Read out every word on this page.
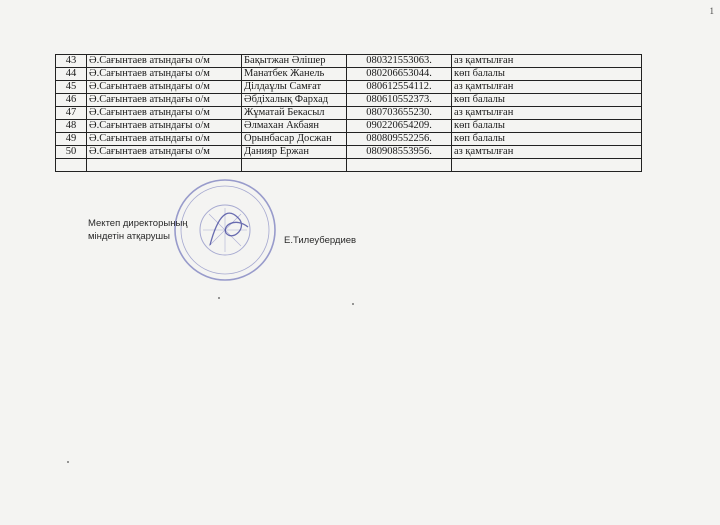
1
43	Ә.Сағынтаев атындағы о/м	Бақытжан Әлішер	080321553063.	аз қамтылған
44	Ә.Сағынтаев атындағы о/м	Манатбек Жанель	080206653044.	көп балалы
45	Ә.Сағынтаев атындағы о/м	Ділдаұлы Самғат	080612554112.	аз қамтылған
46	Ә.Сағынтаев атындағы о/м	Әбдіхалық Фархад	080610552373.	көп балалы
47	Ә.Сағынтаев атындағы о/м	Жұматай Бекасыл	080703655230.	аз қамтылған
48	Ә.Сағынтаев атындағы о/м	Әлмахан Акбаян	090220654209.	көп балалы
49	Ә.Сағынтаев атындағы о/м	Орынбасар Досжан	080809552256.	көп балалы
50	Ә.Сағынтаев атындағы о/м	Данияр Ержан	080908553956.	аз қамтылған

Мектеп директорының
міндетін атқарушы	Е.Тилеубердиев
